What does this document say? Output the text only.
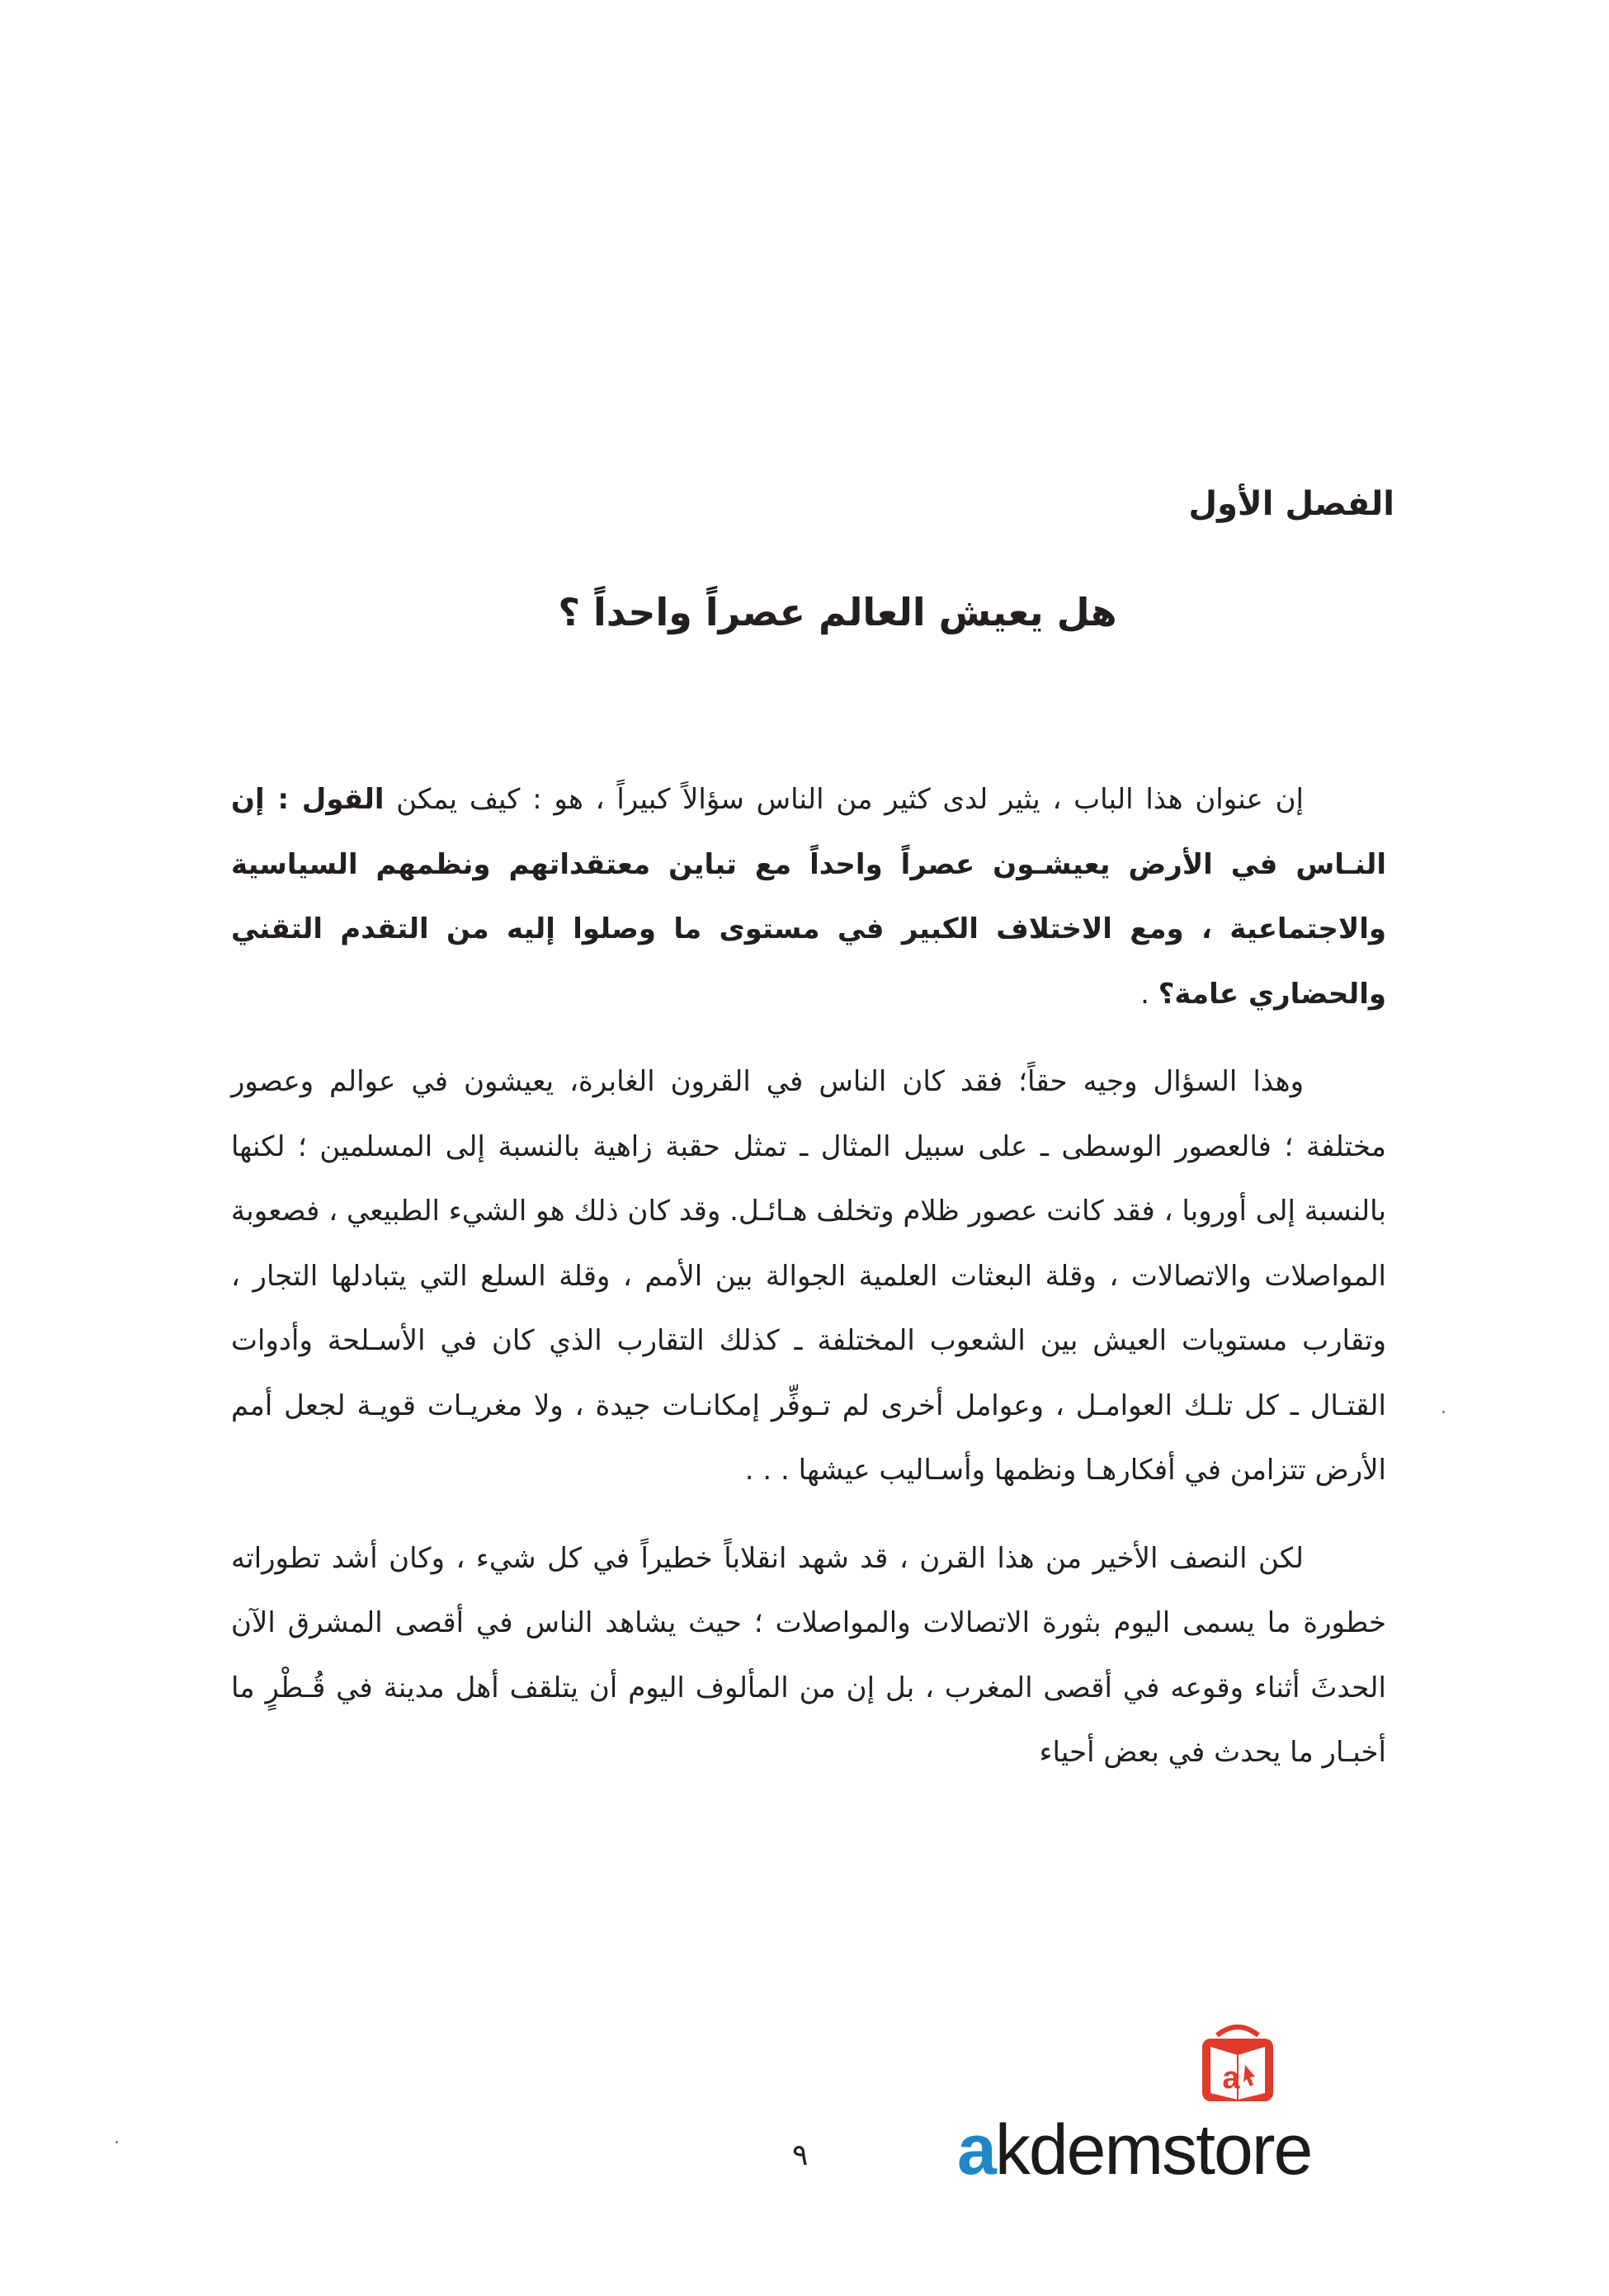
الفصل الأول
هل يعيش العالم عصراً واحداً ؟

إن عنوان هذا الباب ، يثير لدى كثير من الناس سؤالاً كبيراً ، هو : كيف يمكن القول : إن النـاس في الأرض يعيشـون عصراً واحداً مع تباين معتقداتهم ونظمهم السياسية والاجتماعية ، ومع الاختلاف الكبير في مستوى ما وصلوا إليه من التقدم التقني والحضاري عامة؟ .

وهذا السؤال وجيه حقاً؛ فقد كان الناس في القرون الغابرة، يعيشون في عوالم وعصور مختلفة ؛ فالعصور الوسطى ـ على سبيل المثال ـ تمثل حقبة زاهية بالنسبة إلى المسلمين ؛ لكنها بالنسبة إلى أوروبا ، فقد كانت عصور ظلام وتخلف هـائـل. وقد كان ذلك هو الشيء الطبيعي ، فصعوبة المواصلات والاتصالات ، وقلة البعثات العلمية الجوالة بين الأمم ، وقلة السلع التي يتبادلها التجار ، وتقارب مستويات العيش بين الشعوب المختلفة ـ كذلك التقارب الذي كان في الأسـلحة وأدوات القتـال ـ كل تلـك العوامـل ، وعوامل أخرى لم تـوفِّر إمكانـات جيدة ، ولا مغريـات قويـة لجعل أمم الأرض تتزامن في أفكارهـا ونظمها وأسـاليب عيشها . . .

لكن النصف الأخير من هذا القرن ، قد شهد انقلاباً خطيراً في كل شيء ، وكان أشد تطوراته خطورة ما يسمى اليوم بثورة الاتصالات والمواصلات ؛ حيث يشاهد الناس في أقصى المشرق الآن الحدثَ أثناء وقوعه في أقصى المغرب ، بل إن من المألوف اليوم أن يتلقف أهل مدينة في قُـطْرٍ ما أخبـار ما يحدث في بعض أحياء

٩
a
akdemstore
